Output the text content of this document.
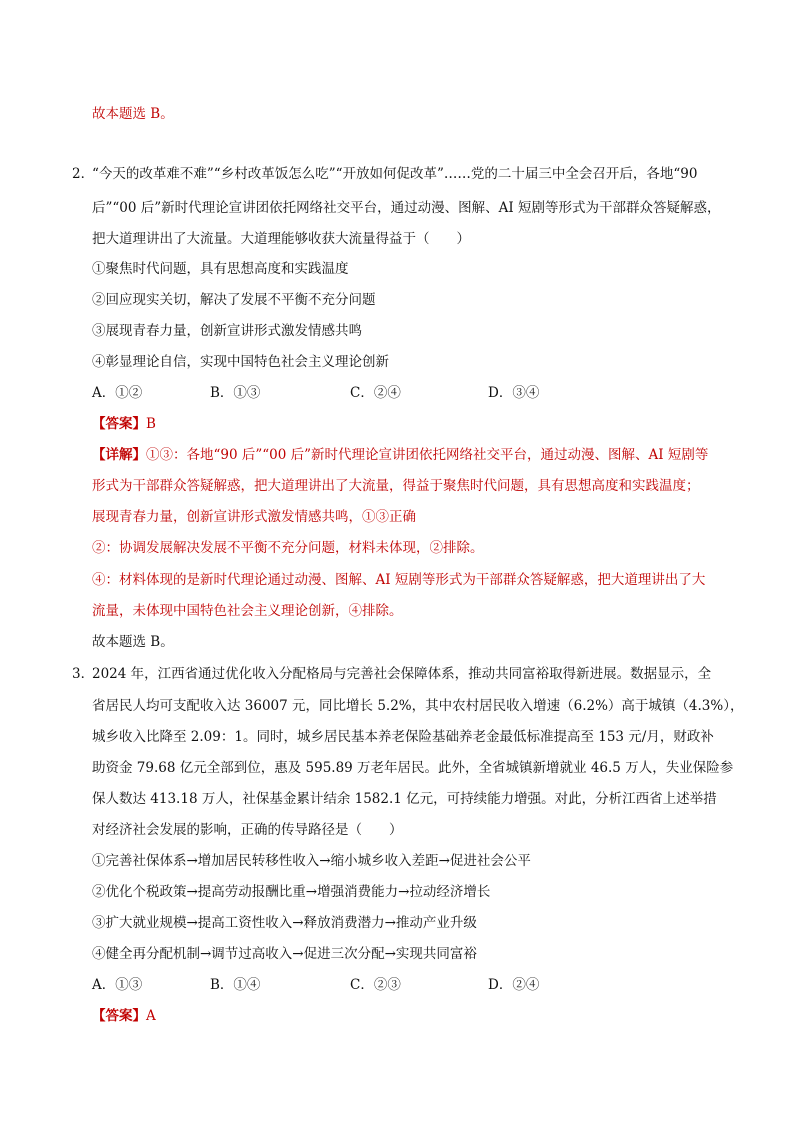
故本题选 B。
2．
“今天的改革难不难”“乡村改革饭怎么吃”“开放如何促改革”……党的二十届三中全会召开后，各地“90
后”“00 后”新时代理论宣讲团依托网络社交平台，通过动漫、图解、AI 短剧等形式为干部群众答疑解惑，
把大道理讲出了大流量。大道理能够收获大流量得益于（　　）
①聚焦时代问题，具有思想高度和实践温度
②回应现实关切，解决了发展不平衡不充分问题
③展现青春力量，创新宣讲形式激发情感共鸣
④彰显理论自信，实现中国特色社会主义理论创新
A．①②	B．①③	C．②④	D．③④
【答案】B
【详解】①③：各地“90 后”“00 后”新时代理论宣讲团依托网络社交平台，通过动漫、图解、AI 短剧等
形式为干部群众答疑解惑，把大道理讲出了大流量，得益于聚焦时代问题，具有思想高度和实践温度；
展现青春力量，创新宣讲形式激发情感共鸣，①③正确
②：协调发展解决发展不平衡不充分问题，材料未体现，②排除。
④：材料体现的是新时代理论通过动漫、图解、AI 短剧等形式为干部群众答疑解惑，把大道理讲出了大
流量，未体现中国特色社会主义理论创新，④排除。
故本题选 B。
3．
2024 年，江西省通过优化收入分配格局与完善社会保障体系，推动共同富裕取得新进展。数据显示，全
省居民人均可支配收入达 36007 元，同比增长 5.2%，其中农村居民收入增速（6.2%）高于城镇（4.3%），
城乡收入比降至 2.09：1。同时，城乡居民基本养老保险基础养老金最低标准提高至 153 元/月，财政补
助资金 79.68 亿元全部到位，惠及 595.89 万老年居民。此外，全省城镇新增就业 46.5 万人，失业保险参
保人数达 413.18 万人，社保基金累计结余 1582.1 亿元，可持续能力增强。对此，分析江西省上述举措
对经济社会发展的影响，正确的传导路径是（　　）
①完善社保体系→增加居民转移性收入→缩小城乡收入差距→促进社会公平
②优化个税政策→提高劳动报酬比重→增强消费能力→拉动经济增长
③扩大就业规模→提高工资性收入→释放消费潜力→推动产业升级
④健全再分配机制→调节过高收入→促进三次分配→实现共同富裕
A．①③	B．①④	C．②③	D．②④
【答案】A
